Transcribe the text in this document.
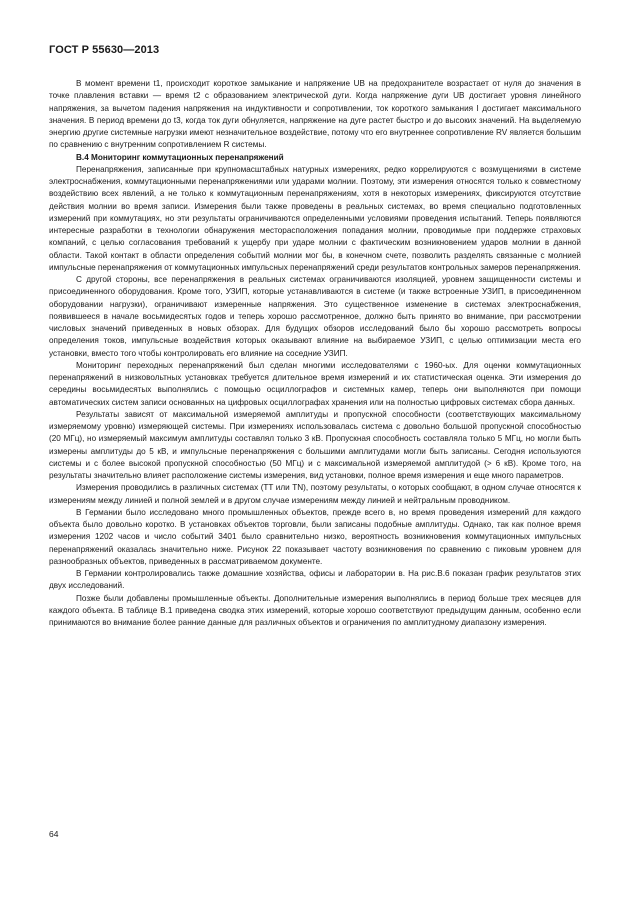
ГОСТ Р 55630—2013

В момент времени t1, происходит короткое замыкание и напряжение UB на предохранителе возрастает от нуля до значения в точке плавления вставки — время t2 с образованием электрической дуги. Когда напряжение дуги UB достигает уровня линейного напряжения, за вычетом падения напряжения на индуктивности и сопротивлении, ток короткого замыкания I достигает максимального значения. В период времени до t3, когда ток дуги обнуляется, напряжение на дуге растет быстро и до высоких значений. На выделяемую энергию другие системные нагрузки имеют незначительное воздействие, потому что его внутреннее сопротивление RV является большим по сравнению с внутренним сопротивлением R системы.

В.4 Мониторинг коммутационных перенапряжений

Перенапряжения, записанные при крупномасштабных натурных измерениях, редко коррелируются с возмущениями в системе электроснабжения, коммутационными перенапряжениями или ударами молнии. Поэтому, эти измерения относятся только к совместному воздействию всех явлений, а не только к коммутационным перенапряжениям, хотя в некоторых измерениях, фиксируются отсутствие действия молнии во время записи. Измерения были также проведены в реальных системах, во время специально подготовленных измерений при коммутациях, но эти результаты ограничиваются определенными условиями проведения испытаний. Теперь появляются интересные разработки в технологии обнаружения месторасположения попадания молнии, проводимые при поддержке страховых компаний, с целью согласования требований к ущербу при ударе молнии с фактическим возникновением ударов молнии в данной области. Такой контакт в области определения событий молнии мог бы, в конечном счете, позволить разделять связанные с молнией импульсные перенапряжения от коммутационных импульсных перенапряжений среди результатов контрольных замеров перенапряжения.

С другой стороны, все перенапряжения в реальных системах ограничиваются изоляцией, уровнем защищенности системы и присоединенного оборудования. Кроме того, УЗИП, которые устанавливаются в системе (и также встроенные УЗИП, в присоединенном оборудовании нагрузки), ограничивают измеренные напряжения. Это существенное изменение в системах электроснабжения, появившееся в начале восьмидесятых годов и теперь хорошо рассмотренное, должно быть принято во внимание, при рассмотрении числовых значений приведенных в новых обзорах. Для будущих обзоров исследований было бы хорошо рассмотреть вопросы определения токов, импульсные воздействия которых оказывают влияние на выбираемое УЗИП, с целью оптимизации места его установки, вместо того чтобы контролировать его влияние на соседние УЗИП.

Мониторинг переходных перенапряжений был сделан многими исследователями с 1960-ых. Для оценки коммутационных перенапряжений в низковольтных установках требуется длительное время измерений и их статистическая оценка. Эти измерения до середины восьмидесятых выполнялись с помощью осциллографов и системных камер, теперь они выполняются при помощи автоматических систем записи основанных на цифровых осциллографах хранения или на полностью цифровых системах сбора данных.

Результаты зависят от максимальной измеряемой амплитуды и пропускной способности (соответствующих максимальному измеряемому уровню) измеряющей системы. При измерениях использовалась система с довольно большой пропускной способностью (20 МГц), но измеряемый максимум амплитуды составлял только 3 кВ. Пропускная способность составляла только 5 МГц, но могли быть измерены амплитуды до 5 кВ, и импульсные перенапряжения с большими амплитудами могли быть записаны. Сегодня используются системы и с более высокой пропускной способностью (50 МГц) и с максимальной измеряемой амплитудой (> 6 кВ). Кроме того, на результаты значительно влияет расположение системы измерения, вид установки, полное время измерения и еще много параметров.

Измерения проводились в различных системах (TT или TN), поэтому результаты, о которых сообщают, в одном случае относятся к измерениям между линией и полной землей и в другом случае измерениям между линией и нейтральным проводником.

В Германии было исследовано много промышленных объектов, прежде всего в, но время проведения измерений для каждого объекта было довольно коротко. В установках объектов торговли, были записаны подобные амплитуды. Однако, так как полное время измерения 1202 часов и число событий 3401 было сравнительно низко, вероятность возникновения коммутационных импульсных перенапряжений оказалась значительно ниже. Рисунок 22 показывает частоту возникновения по сравнению с пиковым уровнем для разнообразных объектов, приведенных в рассматриваемом документе.

В Германии контролировались также домашние хозяйства, офисы и лаборатории в. На рис.В.6 показан график результатов этих двух исследований.

Позже были добавлены промышленные объекты. Дополнительные измерения выполнялись в период больше трех месяцев для каждого объекта. В таблице В.1 приведена сводка этих измерений, которые хорошо соответствуют предыдущим данным, особенно если принимаются во внимание более ранние данные для различных объектов и ограничения по амплитудному диапазону измерения.

64
